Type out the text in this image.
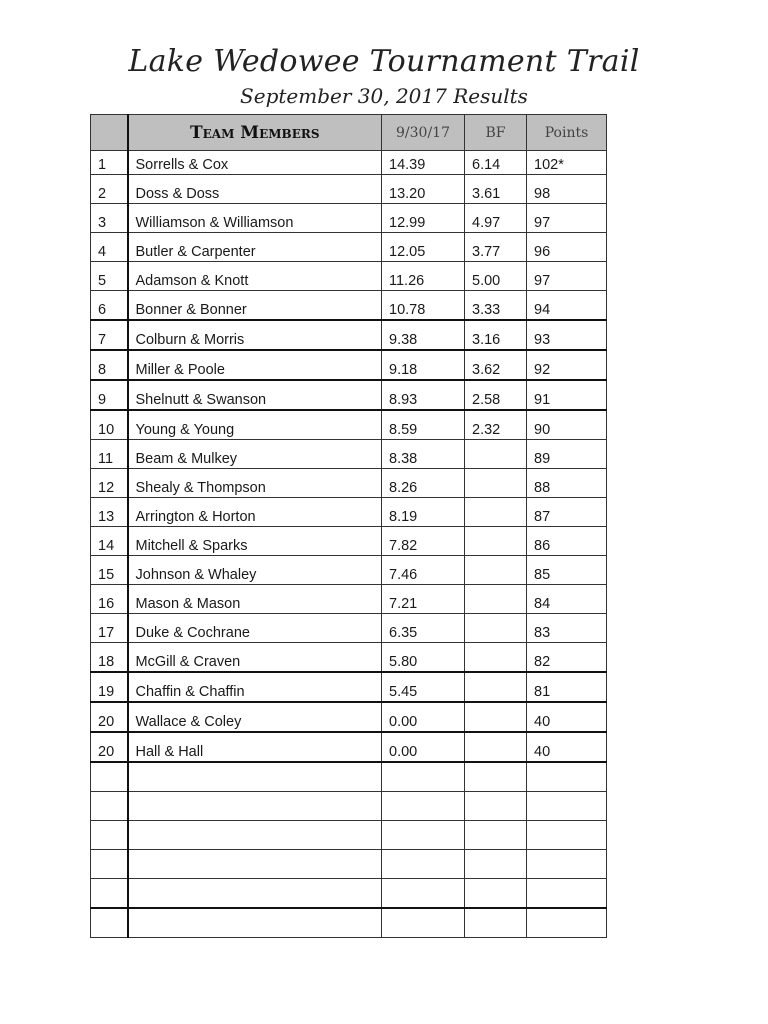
Lake Wedowee Tournament Trail
September 30, 2017 Results
	Team Members	9/30/17	BF	Points
1	Sorrells & Cox	14.39	6.14	102*
2	Doss & Doss	13.20	3.61	98
3	Williamson & Williamson	12.99	4.97	97
4	Butler & Carpenter	12.05	3.77	96
5	Adamson & Knott	11.26	5.00	97
6	Bonner & Bonner	10.78	3.33	94
7	Colburn & Morris	9.38	3.16	93
8	Miller & Poole	9.18	3.62	92
9	Shelnutt & Swanson	8.93	2.58	91
10	Young & Young	8.59	2.32	90
11	Beam & Mulkey	8.38		89
12	Shealy & Thompson	8.26		88
13	Arrington & Horton	8.19		87
14	Mitchell & Sparks	7.82		86
15	Johnson & Whaley	7.46		85
16	Mason & Mason	7.21		84
17	Duke & Cochrane	6.35		83
18	McGill & Craven	5.80		82
19	Chaffin & Chaffin	5.45		81
20	Wallace & Coley	0.00		40
20	Hall & Hall	0.00		40
